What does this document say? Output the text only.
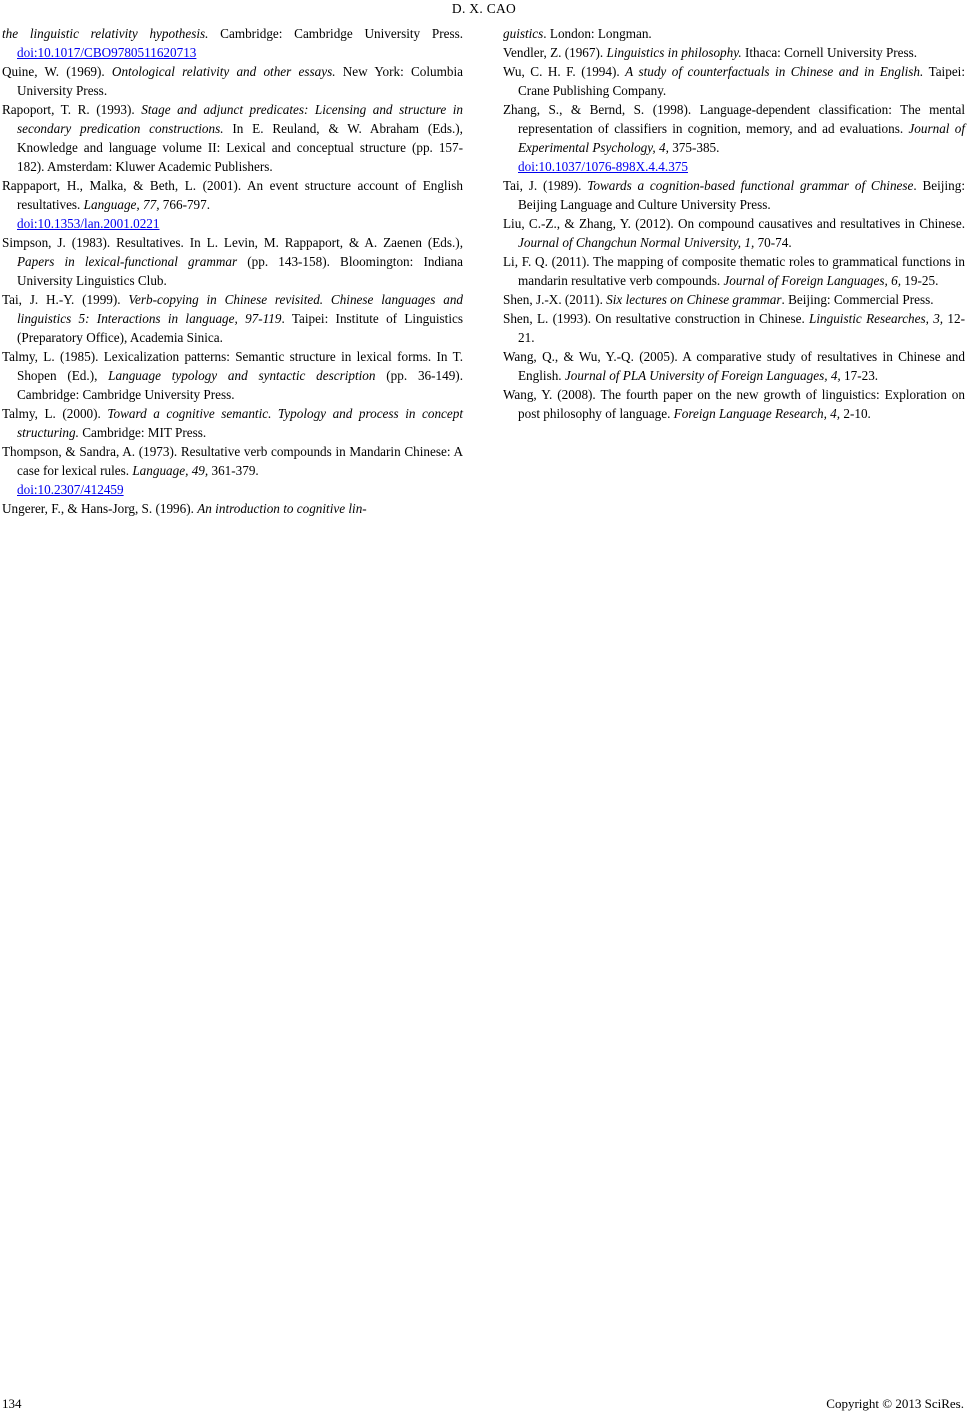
D. X. CAO

the linguistic relativity hypothesis. Cambridge: Cambridge University Press. doi:10.1017/CBO9780511620713

Quine, W. (1969). Ontological relativity and other essays. New York: Columbia University Press.

Rapoport, T. R. (1993). Stage and adjunct predicates: Licensing and structure in secondary predication constructions. In E. Reuland, & W. Abraham (Eds.), Knowledge and language volume II: Lexical and conceptual structure (pp. 157-182). Amsterdam: Kluwer Academic Publishers.

Rappaport, H., Malka, & Beth, L. (2001). An event structure account of English resultatives. Language, 77, 766-797.
doi:10.1353/lan.2001.0221

Simpson, J. (1983). Resultatives. In L. Levin, M. Rappaport, & A. Zaenen (Eds.), Papers in lexical-functional grammar (pp. 143-158). Bloomington: Indiana University Linguistics Club.

Tai, J. H.-Y. (1999). Verb-copying in Chinese revisited. Chinese languages and linguistics 5: Interactions in language, 97-119. Taipei: Institute of Linguistics (Preparatory Office), Academia Sinica.

Talmy, L. (1985). Lexicalization patterns: Semantic structure in lexical forms. In T. Shopen (Ed.), Language typology and syntactic description (pp. 36-149). Cambridge: Cambridge University Press.

Talmy, L. (2000). Toward a cognitive semantic. Typology and process in concept structuring. Cambridge: MIT Press.

Thompson, & Sandra, A. (1973). Resultative verb compounds in Mandarin Chinese: A case for lexical rules. Language, 49, 361-379.
doi:10.2307/412459

Ungerer, F., & Hans-Jorg, S. (1996). An introduction to cognitive lin-

guistics. London: Longman.

Vendler, Z. (1967). Linguistics in philosophy. Ithaca: Cornell University Press.

Wu, C. H. F. (1994). A study of counterfactuals in Chinese and in English. Taipei: Crane Publishing Company.

Zhang, S., & Bernd, S. (1998). Language-dependent classification: The mental representation of classifiers in cognition, memory, and ad evaluations. Journal of Experimental Psychology, 4, 375-385.
doi:10.1037/1076-898X.4.4.375

Tai, J. (1989). Towards a cognition-based functional grammar of Chinese. Beijing: Beijing Language and Culture University Press.

Liu, C.-Z., & Zhang, Y. (2012). On compound causatives and resultatives in Chinese. Journal of Changchun Normal University, 1, 70-74.

Li, F. Q. (2011). The mapping of composite thematic roles to grammatical functions in mandarin resultative verb compounds. Journal of Foreign Languages, 6, 19-25.

Shen, J.-X. (2011). Six lectures on Chinese grammar. Beijing: Commercial Press.

Shen, L. (1993). On resultative construction in Chinese. Linguistic Researches, 3, 12-21.

Wang, Q., & Wu, Y.-Q. (2005). A comparative study of resultatives in Chinese and English. Journal of PLA University of Foreign Languages, 4, 17-23.

Wang, Y. (2008). The fourth paper on the new growth of linguistics: Exploration on post philosophy of language. Foreign Language Research, 4, 2-10.

134	Copyright © 2013 SciRes.
